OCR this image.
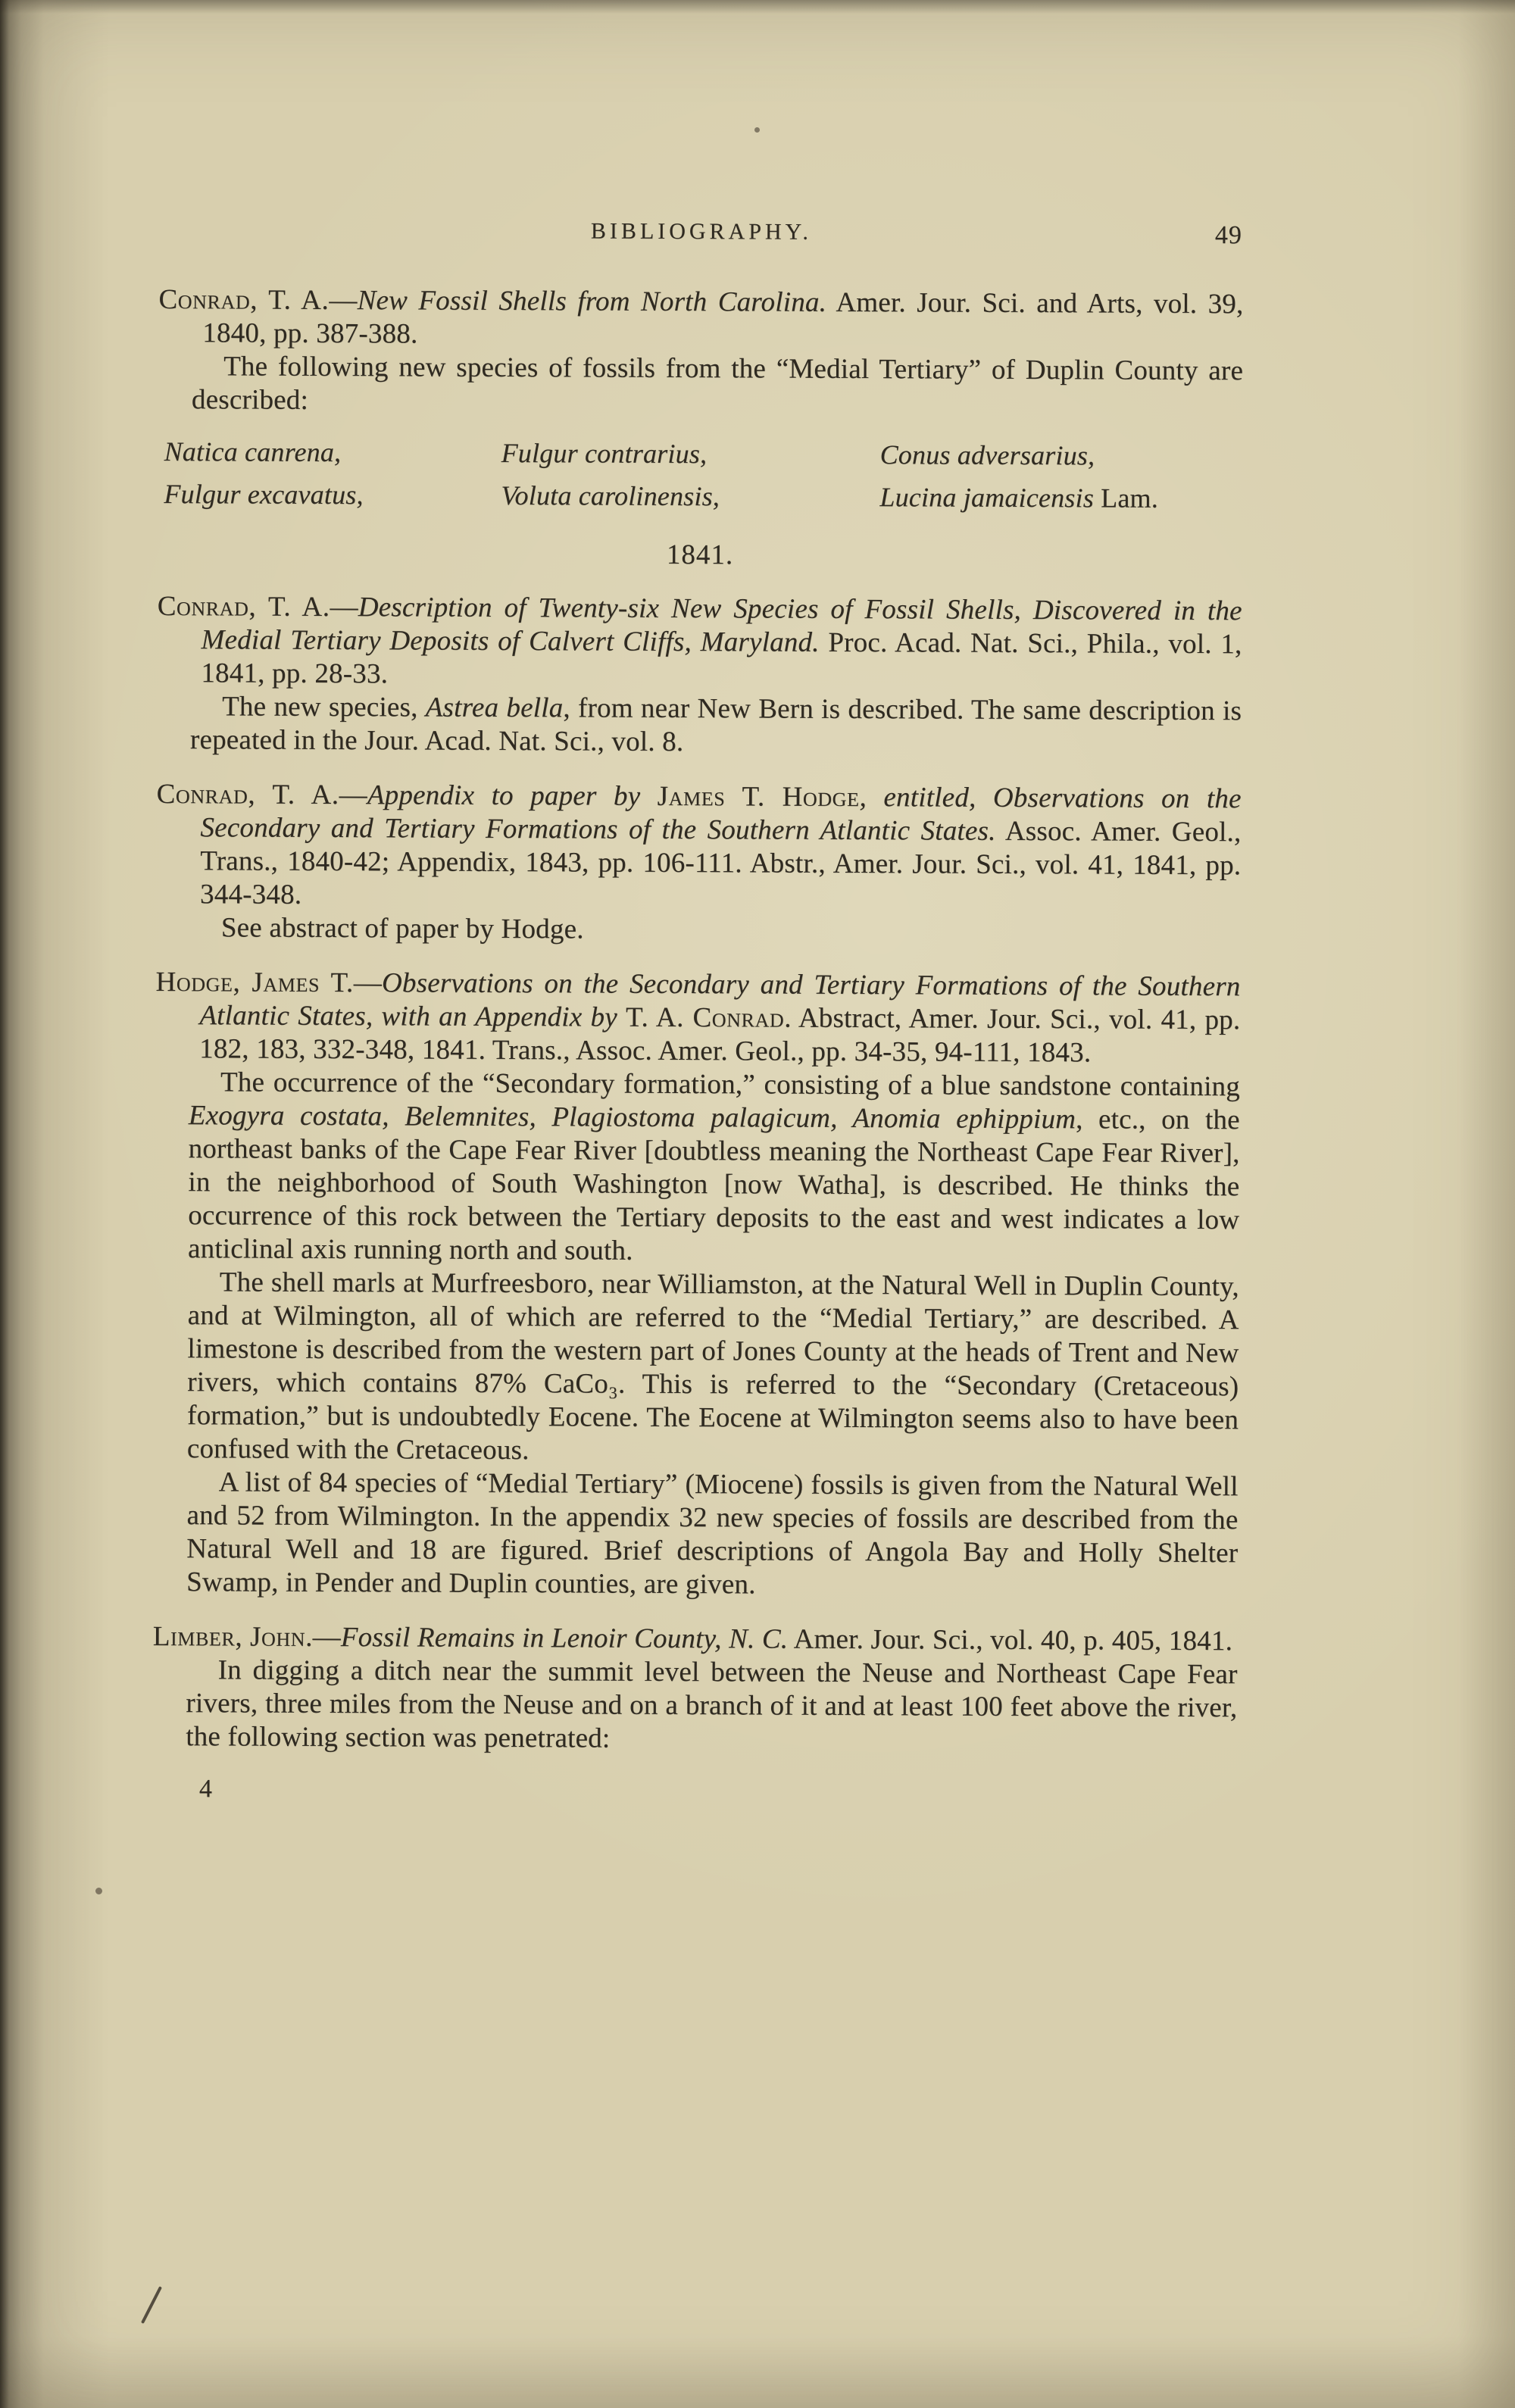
BIBLIOGRAPHY.	49

Conrad, T. A.—New Fossil Shells from North Carolina. Amer. Jour. Sci. and Arts, vol. 39, 1840, pp. 387-388.

The following new species of fossils from the “Medial Tertiary” of Duplin County are described:

Natica canrena,	Fulgur contrarius,	Conus adversarius,
Fulgur excavatus,	Voluta carolinensis,	Lucina jamaicensis Lam.

1841.

Conrad, T. A.—Description of Twenty-six New Species of Fossil Shells, Discovered in the Medial Tertiary Deposits of Calvert Cliffs, Maryland. Proc. Acad. Nat. Sci., Phila., vol. 1, 1841, pp. 28-33.

The new species, Astrea bella, from near New Bern is described. The same description is repeated in the Jour. Acad. Nat. Sci., vol. 8.

Conrad, T. A.—Appendix to paper by James T. Hodge, entitled, Observations on the Secondary and Tertiary Formations of the Southern Atlantic States. Assoc. Amer. Geol., Trans., 1840-42; Appendix, 1843, pp. 106-111. Abstr., Amer. Jour. Sci., vol. 41, 1841, pp. 344-348.

See abstract of paper by Hodge.

Hodge, James T.—Observations on the Secondary and Tertiary Formations of the Southern Atlantic States, with an Appendix by T. A. Conrad. Abstract, Amer. Jour. Sci., vol. 41, pp. 182, 183, 332-348, 1841. Trans., Assoc. Amer. Geol., pp. 34-35, 94-111, 1843.

The occurrence of the “Secondary formation,” consisting of a blue sandstone containing Exogyra costata, Belemnites, Plagiostoma palagicum, Anomia ephippium, etc., on the northeast banks of the Cape Fear River [doubtless meaning the Northeast Cape Fear River], in the neighborhood of South Washington [now Watha], is described. He thinks the occurrence of this rock between the Tertiary deposits to the east and west indicates a low anticlinal axis running north and south.

The shell marls at Murfreesboro, near Williamston, at the Natural Well in Duplin County, and at Wilmington, all of which are referred to the “Medial Tertiary,” are described. A limestone is described from the western part of Jones County at the heads of Trent and New rivers, which contains 87% CaCo₃. This is referred to the “Secondary (Cretaceous) formation,” but is undoubtedly Eocene. The Eocene at Wilmington seems also to have been confused with the Cretaceous.

A list of 84 species of “Medial Tertiary” (Miocene) fossils is given from the Natural Well and 52 from Wilmington. In the appendix 32 new species of fossils are described from the Natural Well and 18 are figured. Brief descriptions of Angola Bay and Holly Shelter Swamp, in Pender and Duplin counties, are given.

Limber, John.—Fossil Remains in Lenoir County, N. C. Amer. Jour. Sci., vol. 40, p. 405, 1841.

In digging a ditch near the summit level between the Neuse and Northeast Cape Fear rivers, three miles from the Neuse and on a branch of it and at least 100 feet above the river, the following section was penetrated:

4
